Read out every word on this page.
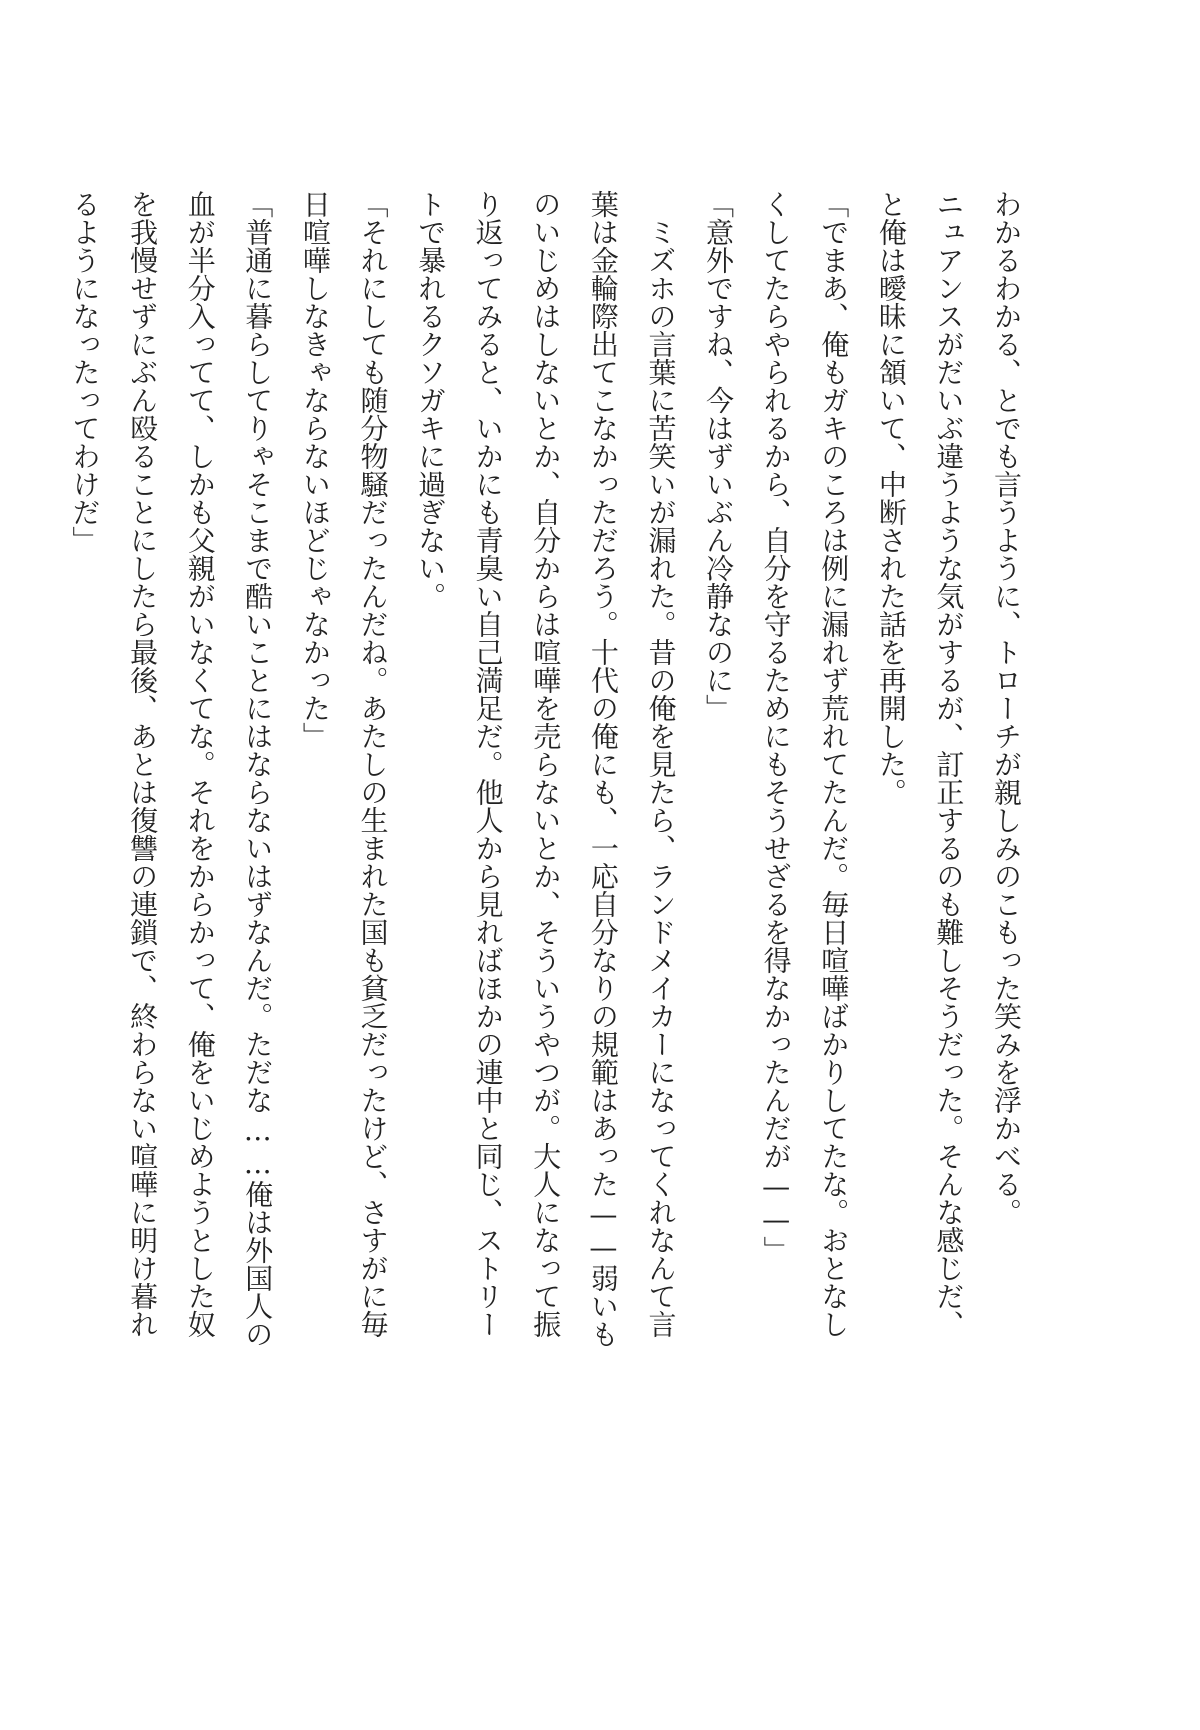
わかるわかる、とでも言うように、トローチが親しみのこもった笑みを浮かべる。
ニュアンスがだいぶ違うような気がするが、訂正するのも難しそうだった。そんな感じだ、
と俺は曖昧に頷いて、中断された話を再開した。
「でまあ、俺もガキのころは例に漏れず荒れてたんだ。毎日喧嘩ばかりしてたな。おとなし
くしてたらやられるから、自分を守るためにもそうせざるを得なかったんだが——」
「意外ですね、今はずいぶん冷静なのに」
　ミズホの言葉に苦笑いが漏れた。昔の俺を見たら、ランドメイカーになってくれなんて言
葉は金輪際出てこなかっただろう。十代の俺にも、一応自分なりの規範はあった——弱いも
のいじめはしないとか、自分からは喧嘩を売らないとか、そういうやつが。大人になって振
り返ってみると、いかにも青臭い自己満足だ。他人から見ればほかの連中と同じ、ストリー
トで暴れるクソガキに過ぎない。
「それにしても随分物騒だったんだね。あたしの生まれた国も貧乏だったけど、さすがに毎
日喧嘩しなきゃならないほどじゃなかった」
「普通に暮らしてりゃそこまで酷いことにはならないはずなんだ。ただな……俺は外国人の
血が半分入ってて、しかも父親がいなくてな。それをからかって、俺をいじめようとした奴
を我慢せずにぶん殴ることにしたら最後、あとは復讐の連鎖で、終わらない喧嘩に明け暮れ
るようになったってわけだ」
